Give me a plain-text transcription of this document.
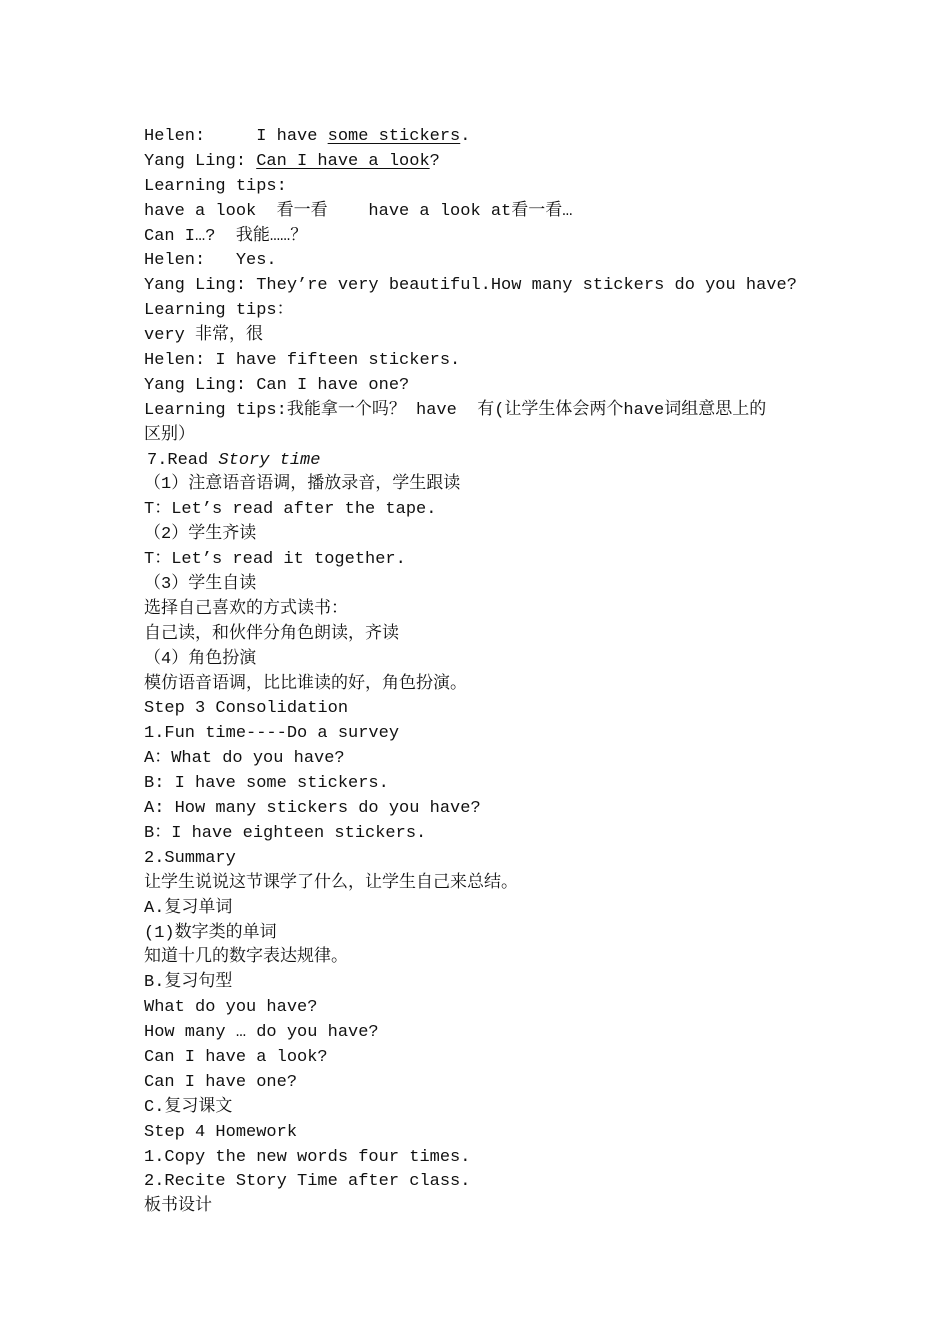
Helen:     I have some stickers.
Yang Ling: Can I have a look?
Learning tips:
have a look  看一看    have a look at看一看…
Can I…?  我能……？
Helen:   Yes.
Yang Ling: They’re very beautiful.How many stickers do you have?
Learning tips：
very 非常，很
Helen: I have fifteen stickers.
Yang Ling: Can I have one?
Learning tips:我能拿一个吗？ have  有(让学生体会两个have词组意思上的
区别）
7.Read Story time
（1）注意语音语调，播放录音，学生跟读
T：Let’s read after the tape.
（2）学生齐读
T：Let’s read it together.
（3）学生自读
选择自己喜欢的方式读书：
自己读，和伙伴分角色朗读，齐读
（4）角色扮演
模仿语音语调，比比谁读的好，角色扮演。
Step 3 Consolidation
1.Fun time----Do a survey
A：What do you have?
B: I have some stickers.
A: How many stickers do you have?
B：I have eighteen stickers.
2.Summary
让学生说说这节课学了什么，让学生自己来总结。
A.复习单词
(1)数字类的单词
知道十几的数字表达规律。
B.复习句型
What do you have?
How many … do you have?
Can I have a look?
Can I have one?
C.复习课文
Step 4 Homework
1.Copy the new words four times.
2.Recite Story Time after class.
板书设计
